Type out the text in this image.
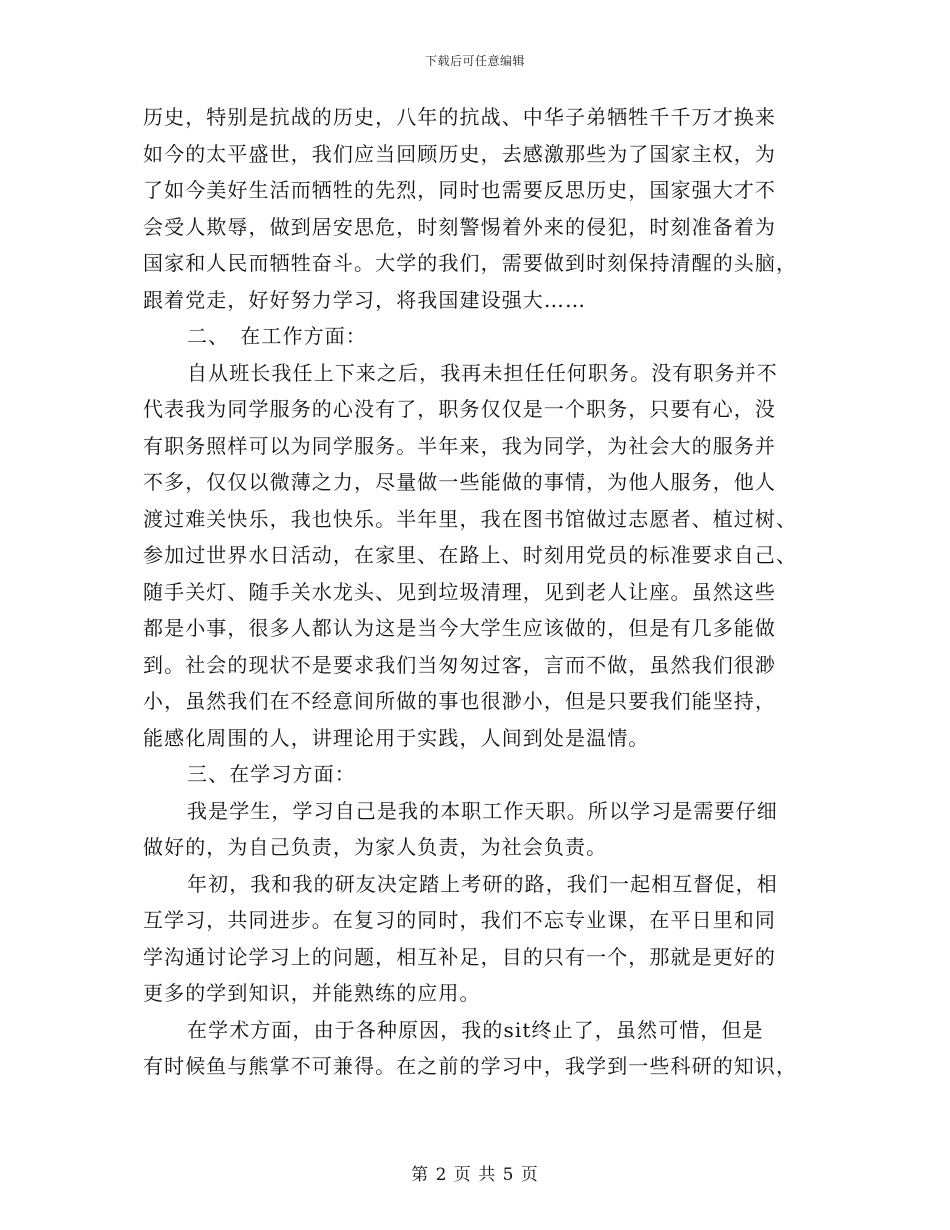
下载后可任意编辑
历史，特别是抗战的历史，八年的抗战、中华子弟牺牲千千万才换来
如今的太平盛世，我们应当回顾历史，去感激那些为了国家主权，为
了如今美好生活而牺牲的先烈，同时也需要反思历史，国家强大才不
会受人欺辱，做到居安思危，时刻警惕着外来的侵犯，时刻准备着为
国家和人民而牺牲奋斗。大学的我们，需要做到时刻保持清醒的头脑，
跟着党走，好好努力学习，将我国建设强大……
二、　在工作方面：
自从班长我任上下来之后，我再未担任任何职务。没有职务并不
代表我为同学服务的心没有了，职务仅仅是一个职务，只要有心，没
有职务照样可以为同学服务。半年来，我为同学，为社会大的服务并
不多，仅仅以微薄之力，尽量做一些能做的事情，为他人服务，他人
渡过难关快乐，我也快乐。半年里，我在图书馆做过志愿者、植过树、
参加过世界水日活动，在家里、在路上、时刻用党员的标准要求自己、
随手关灯、随手关水龙头、见到垃圾清理，见到老人让座。虽然这些
都是小事，很多人都认为这是当今大学生应该做的，但是有几多能做
到。社会的现状不是要求我们当匆匆过客，言而不做，虽然我们很渺
小，虽然我们在不经意间所做的事也很渺小，但是只要我们能坚持，
能感化周围的人，讲理论用于实践，人间到处是温情。
三、在学习方面：
我是学生，学习自己是我的本职工作天职。所以学习是需要仔细
做好的，为自己负责，为家人负责，为社会负责。
年初，我和我的研友决定踏上考研的路，我们一起相互督促，相
互学习，共同进步。在复习的同时，我们不忘专业课，在平日里和同
学沟通讨论学习上的问题，相互补足，目的只有一个，那就是更好的
更多的学到知识，并能熟练的应用。
在学术方面，由于各种原因，我的sit终止了，虽然可惜，但是
有时候鱼与熊掌不可兼得。在之前的学习中，我学到一些科研的知识，
第 2 页 共 5 页
